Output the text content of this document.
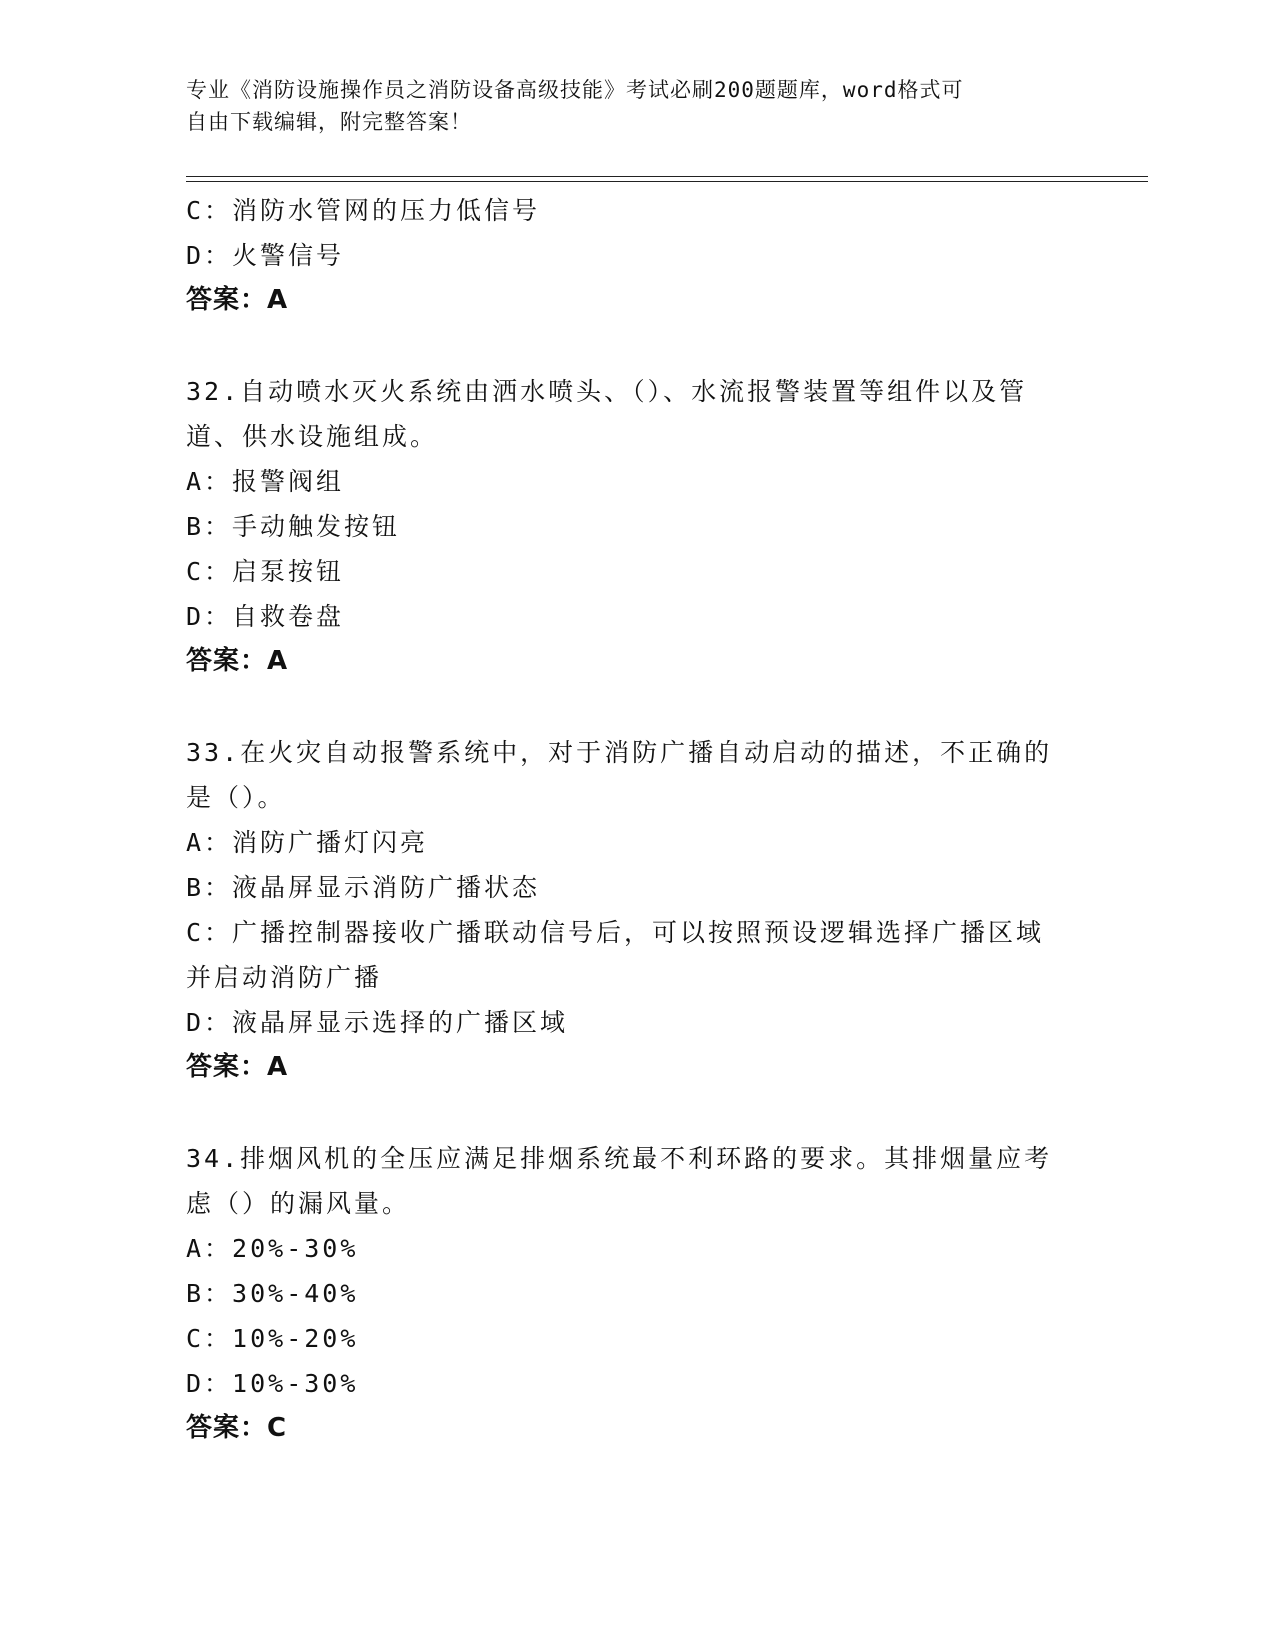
专业《消防设施操作员之消防设备高级技能》考试必刷200题题库，word格式可
自由下载编辑，附完整答案！
C：消防水管网的压力低信号
D：火警信号
答案：A
32.自动喷水灭火系统由洒水喷头、（）、水流报警装置等组件以及管
道、供水设施组成。
A：报警阀组
B：手动触发按钮
C：启泵按钮
D：自救卷盘
答案：A
33.在火灾自动报警系统中，对于消防广播自动启动的描述，不正确的
是（）。
A：消防广播灯闪亮
B：液晶屏显示消防广播状态
C：广播控制器接收广播联动信号后，可以按照预设逻辑选择广播区域
并启动消防广播
D：液晶屏显示选择的广播区域
答案：A
34.排烟风机的全压应满足排烟系统最不利环路的要求。其排烟量应考
虑（）的漏风量。
A：20%-30%
B：30%-40%
C：10%-20%
D：10%-30%
答案：C
